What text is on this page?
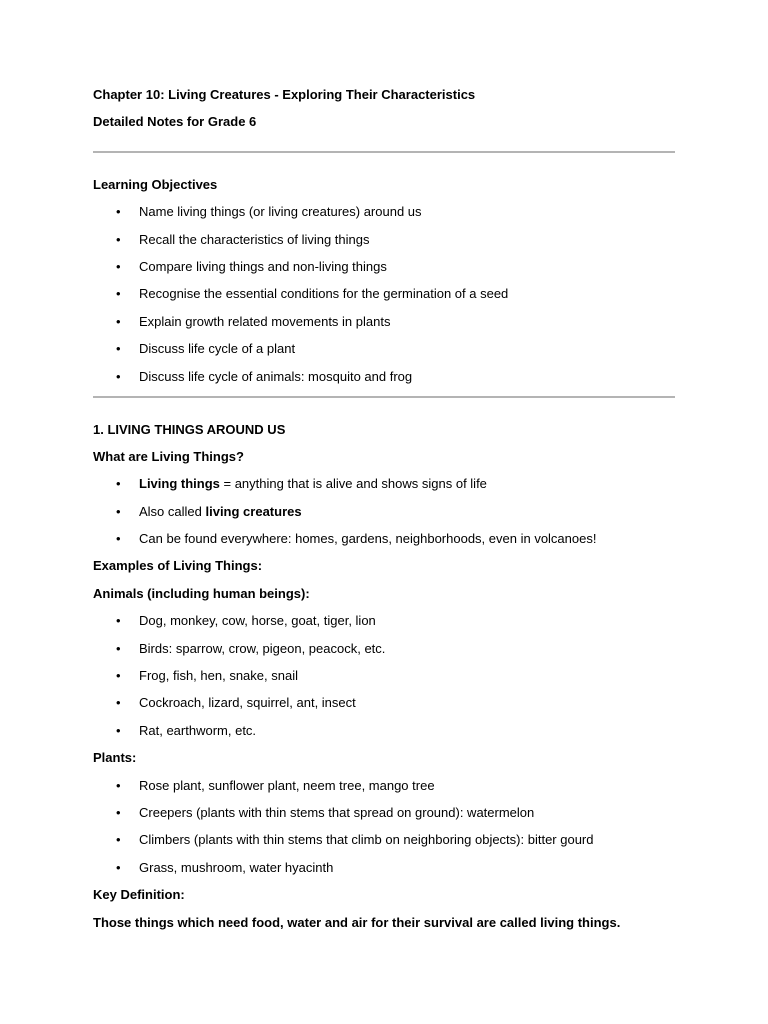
Chapter 10: Living Creatures - Exploring Their Characteristics
Detailed Notes for Grade 6
Learning Objectives
• Name living things (or living creatures) around us
• Recall the characteristics of living things
• Compare living things and non-living things
• Recognise the essential conditions for the germination of a seed
• Explain growth related movements in plants
• Discuss life cycle of a plant
• Discuss life cycle of animals: mosquito and frog
1. LIVING THINGS AROUND US
What are Living Things?
• Living things = anything that is alive and shows signs of life
• Also called living creatures
• Can be found everywhere: homes, gardens, neighborhoods, even in volcanoes!
Examples of Living Things:
Animals (including human beings):
• Dog, monkey, cow, horse, goat, tiger, lion
• Birds: sparrow, crow, pigeon, peacock, etc.
• Frog, fish, hen, snake, snail
• Cockroach, lizard, squirrel, ant, insect
• Rat, earthworm, etc.
Plants:
• Rose plant, sunflower plant, neem tree, mango tree
• Creepers (plants with thin stems that spread on ground): watermelon
• Climbers (plants with thin stems that climb on neighboring objects): bitter gourd
• Grass, mushroom, water hyacinth
Key Definition:
Those things which need food, water and air for their survival are called living things.
